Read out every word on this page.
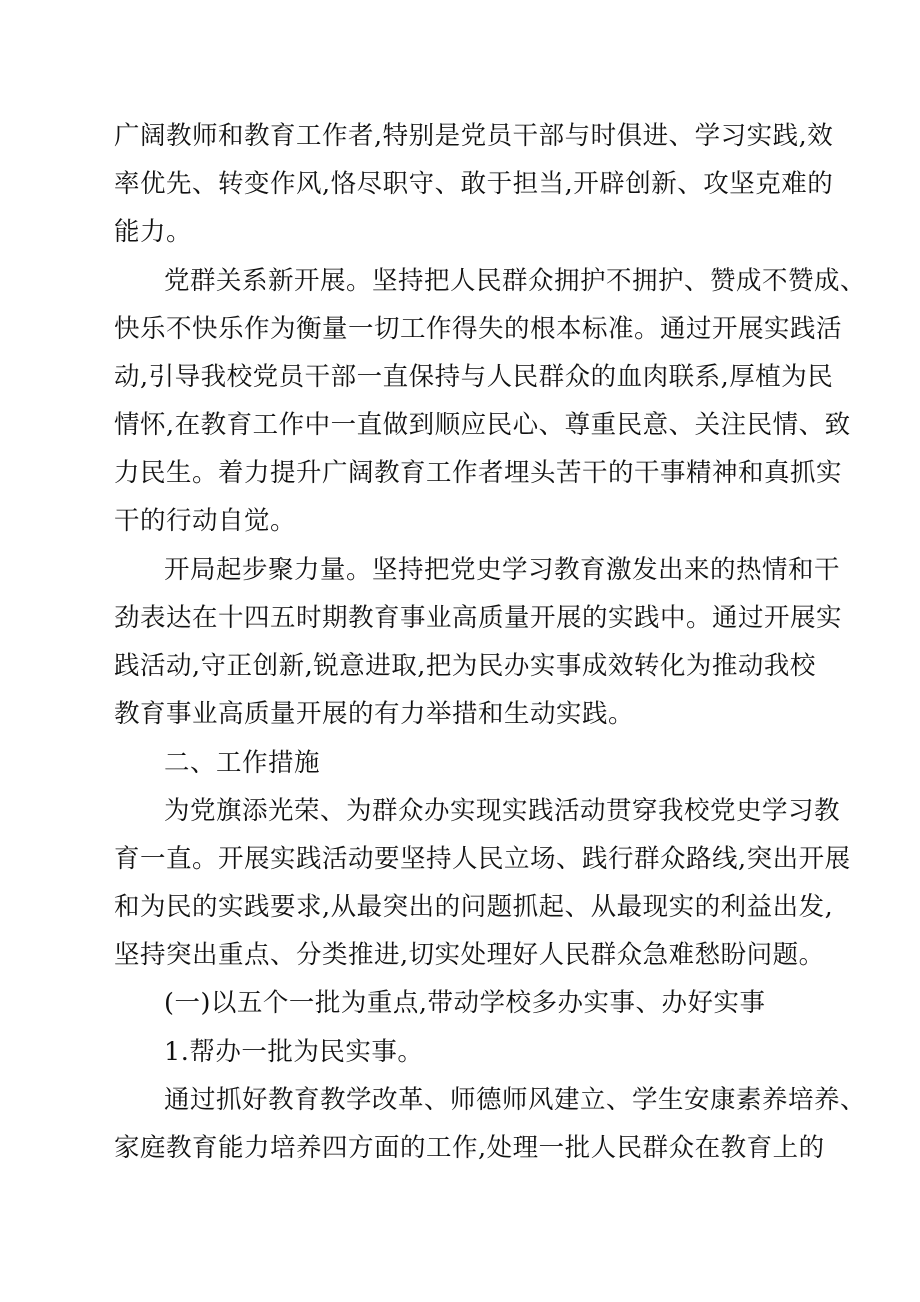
广阔教师和教育工作者,特别是党员干部与时俱进、学习实践,效
率优先、转变作风,恪尽职守、敢于担当,开辟创新、攻坚克难的
能力。
党群关系新开展。坚持把人民群众拥护不拥护、赞成不赞成、
快乐不快乐作为衡量一切工作得失的根本标准。通过开展实践活
动,引导我校党员干部一直保持与人民群众的血肉联系,厚植为民
情怀,在教育工作中一直做到顺应民心、尊重民意、关注民情、致
力民生。着力提升广阔教育工作者埋头苦干的干事精神和真抓实
干的行动自觉。
开局起步聚力量。坚持把党史学习教育激发出来的热情和干
劲表达在十四五时期教育事业高质量开展的实践中。通过开展实
践活动,守正创新,锐意进取,把为民办实事成效转化为推动我校
教育事业高质量开展的有力举措和生动实践。
二、工作措施
为党旗添光荣、为群众办实现实践活动贯穿我校党史学习教
育一直。开展实践活动要坚持人民立场、践行群众路线,突出开展
和为民的实践要求,从最突出的问题抓起、从最现实的利益出发,
坚持突出重点、分类推进,切实处理好人民群众急难愁盼问题。
(一)以五个一批为重点,带动学校多办实事、办好实事
1.帮办一批为民实事。
通过抓好教育教学改革、师德师风建立、学生安康素养培养、
家庭教育能力培养四方面的工作,处理一批人民群众在教育上的
